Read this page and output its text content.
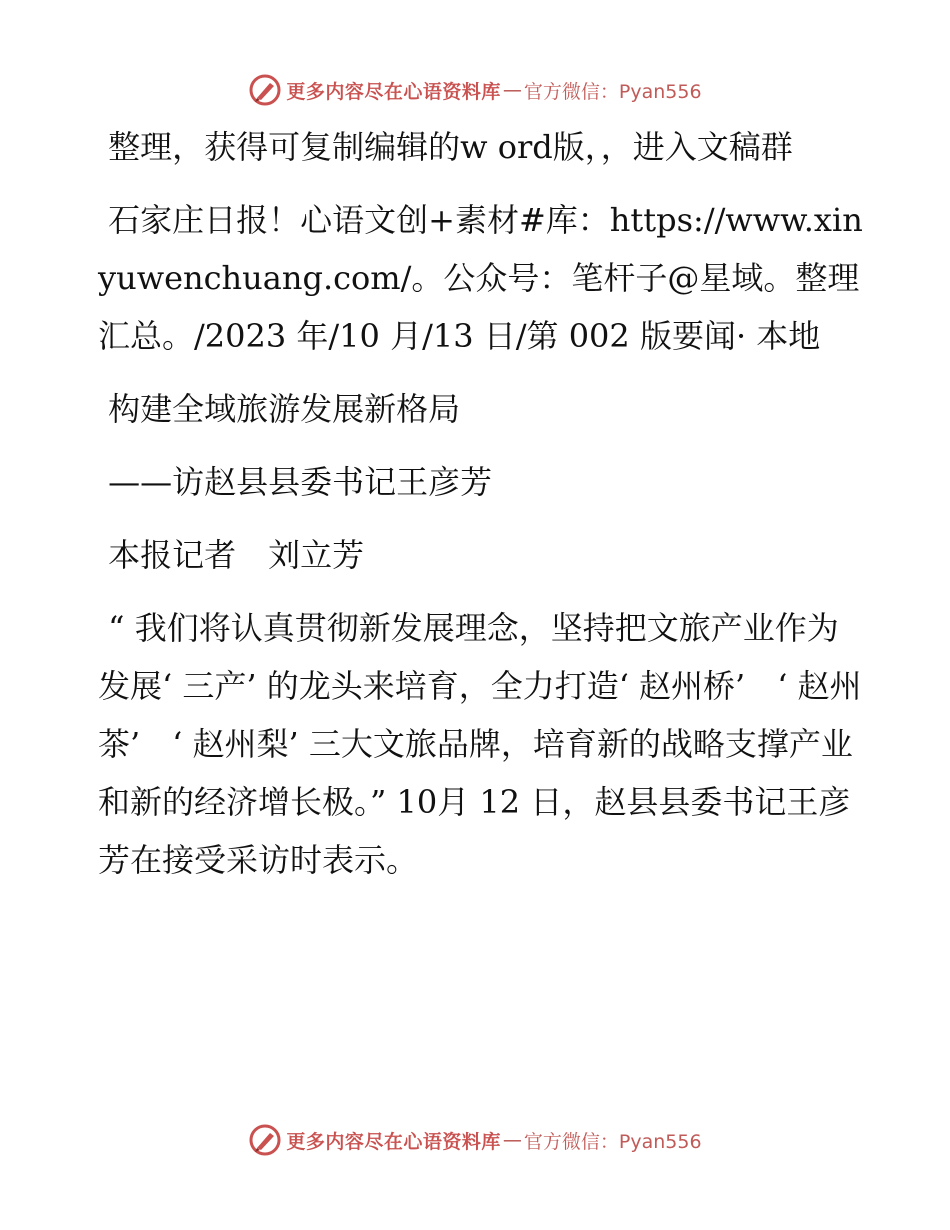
更多内容尽在心语资料库 — 官方微信：Pyan556

整理，获得可复制编辑的w ord版，，进入文稿群

石家庄日报！心语文创+素材#库：https://www.xinyuwenchuang.com/。公众号：笔杆子@星域。整理汇总。/2023 年/10 月/13 日/第 002 版要闻· 本地

构建全域旅游发展新格局

——访赵县县委书记王彦芳

本报记者　刘立芳

“ 我们将认真贯彻新发展理念，坚持把文旅产业作为发展‘ 三产’ 的龙头来培育，全力打造‘ 赵州桥’　‘ 赵州茶’　‘ 赵州梨’ 三大文旅品牌，培育新的战略支撑产业和新的经济增长极。” 10月 12 日，赵县县委书记王彦芳在接受采访时表示。

更多内容尽在心语资料库 — 官方微信：Pyan556
